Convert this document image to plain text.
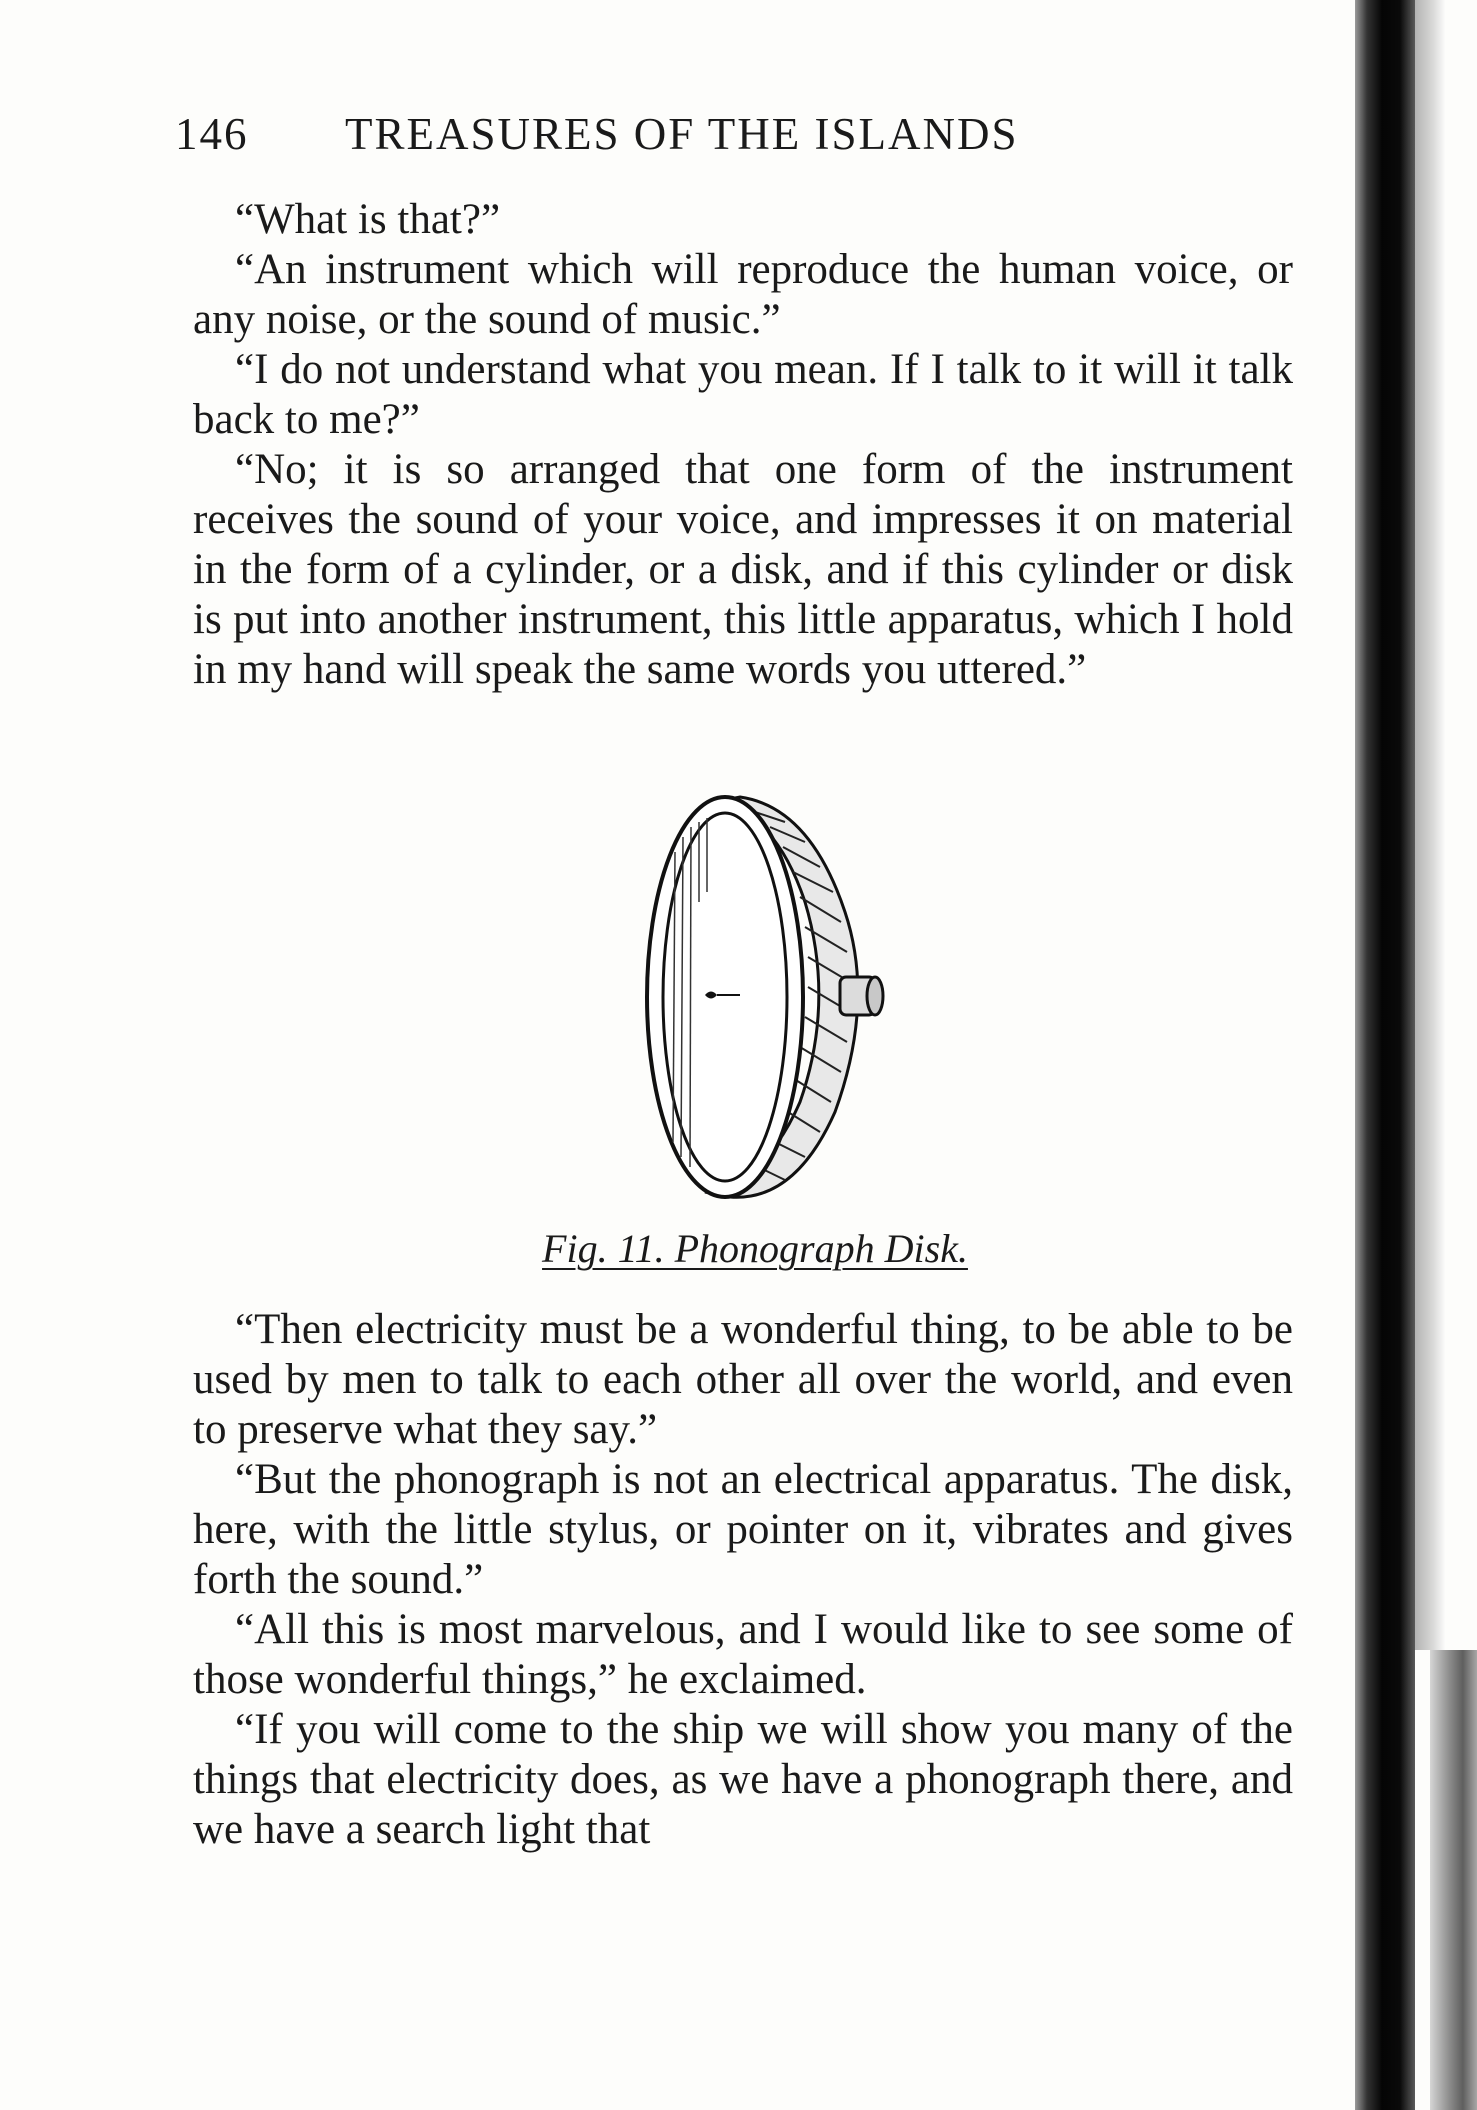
146 TREASURES OF THE ISLANDS

“What is that?”

“An instrument which will reproduce the human voice, or any noise, or the sound of music.”

“I do not understand what you mean. If I talk to it will it talk back to me?”

“No; it is so arranged that one form of the instrument receives the sound of your voice, and impresses it on material in the form of a cylinder, or a disk, and if this cylinder or disk is put into another instrument, this little apparatus, which I hold in my hand will speak the same words you uttered.”

Fig. 11. Phonograph Disk.

“Then electricity must be a wonderful thing, to be able to be used by men to talk to each other all over the world, and even to preserve what they say.”

“But the phonograph is not an electrical apparatus. The disk, here, with the little stylus, or pointer on it, vibrates and gives forth the sound.”

“All this is most marvelous, and I would like to see some of those wonderful things,” he exclaimed.

“If you will come to the ship we will show you many of the things that electricity does, as we have a phonograph there, and we have a search light that
